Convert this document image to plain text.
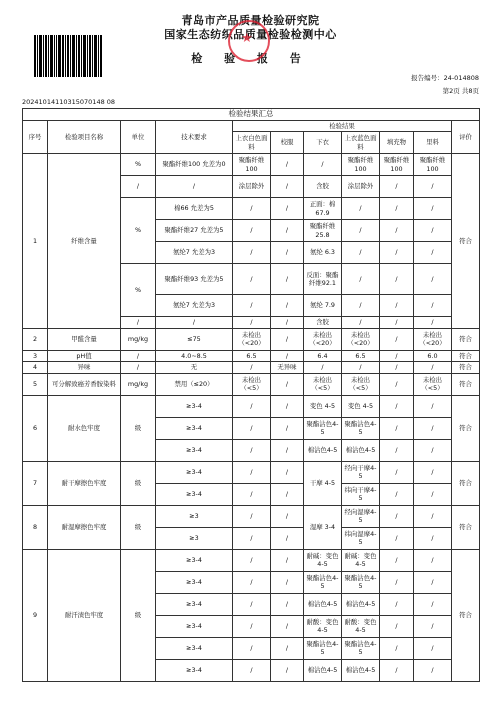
青岛市产品质量检验研究院
国家生态纺织品质量检验检测中心
检 验 报 告
★
报告编号：24-014808
第2页 共8页
20241014110315070148 08
检验结果汇总										
序号	检验项目名称	单位	技术要求	检验结果						评价
				上衣白色面料	校服	下衣	上衣蓝色面料	填充物	里料	
1	纤维含量	%	聚酯纤维100 允差为0	聚酯纤维100	/	/	聚酯纤维100	聚酯纤维100	聚酯纤维100	符合
		/	/	涂层除外	/	含胶	涂层除外	/	/	
		%	棉66 允差为5	/	/	正面：棉67.9	/	/	/	
			聚酯纤维27 允差为5	/	/	聚酯纤维25.8	/	/	/	
			氨纶7 允差为3	/	/	氨纶 6.3	/	/	/	
		%	聚酯纤维93 允差为5	/	/	反面：聚酯纤维92.1	/	/	/	
			氨纶7 允差为3	/	/	氨纶 7.9	/	/	/	
		/	/	/	/	含胶	/	/	/	
2	甲醛含量	mg/kg	≤75	未检出（<20）	/	未检出（<20）	未检出（<20）	/	未检出（<20）	符合
3	pH值	/	4.0~8.5	6.5	/	6.4	6.5	/	6.0	符合
4	异味	/	无	/	无异味	/	/	/	/	符合
5	可分解致癌芳香胺染料	mg/kg	禁用（≤20）	未检出（<5）	/	未检出（<5）	未检出（<5）	/	未检出（<5）	符合
6	耐水色牢度	级	≥3-4	/	/	变色 4-5	变色 4-5	/	/	符合
			≥3-4	/	/	聚酯沾色4-5	聚酯沾色4-5	/	/	
			≥3-4	/	/	棉沾色4-5	棉沾色4-5	/	/	
7	耐干摩擦色牢度	级	≥3-4	/	/	干摩 4-5	经向干摩4-5	/	/	符合
			≥3-4	/	/		纬向干摩4-5	/	/	
8	耐湿摩擦色牢度	级	≥3	/	/	湿摩 3-4	经向湿摩4-5	/	/	符合
			≥3	/	/		纬向湿摩4-5	/	/	
9	耐汗渍色牢度	级	≥3-4	/	/	耐碱：变色 4-5	耐碱：变色 4-5	/	/	符合
			≥3-4	/	/	聚酯沾色4-5	聚酯沾色4-5	/	/	
			≥3-4	/	/	棉沾色4-5	棉沾色4-5	/	/	
			≥3-4	/	/	耐酸：变色 4-5	耐酸：变色 4-5	/	/	
			≥3-4	/	/	聚酯沾色4-5	聚酯沾色4-5	/	/	
			≥3-4	/	/	棉沾色4-5	棉沾色4-5	/	/	
